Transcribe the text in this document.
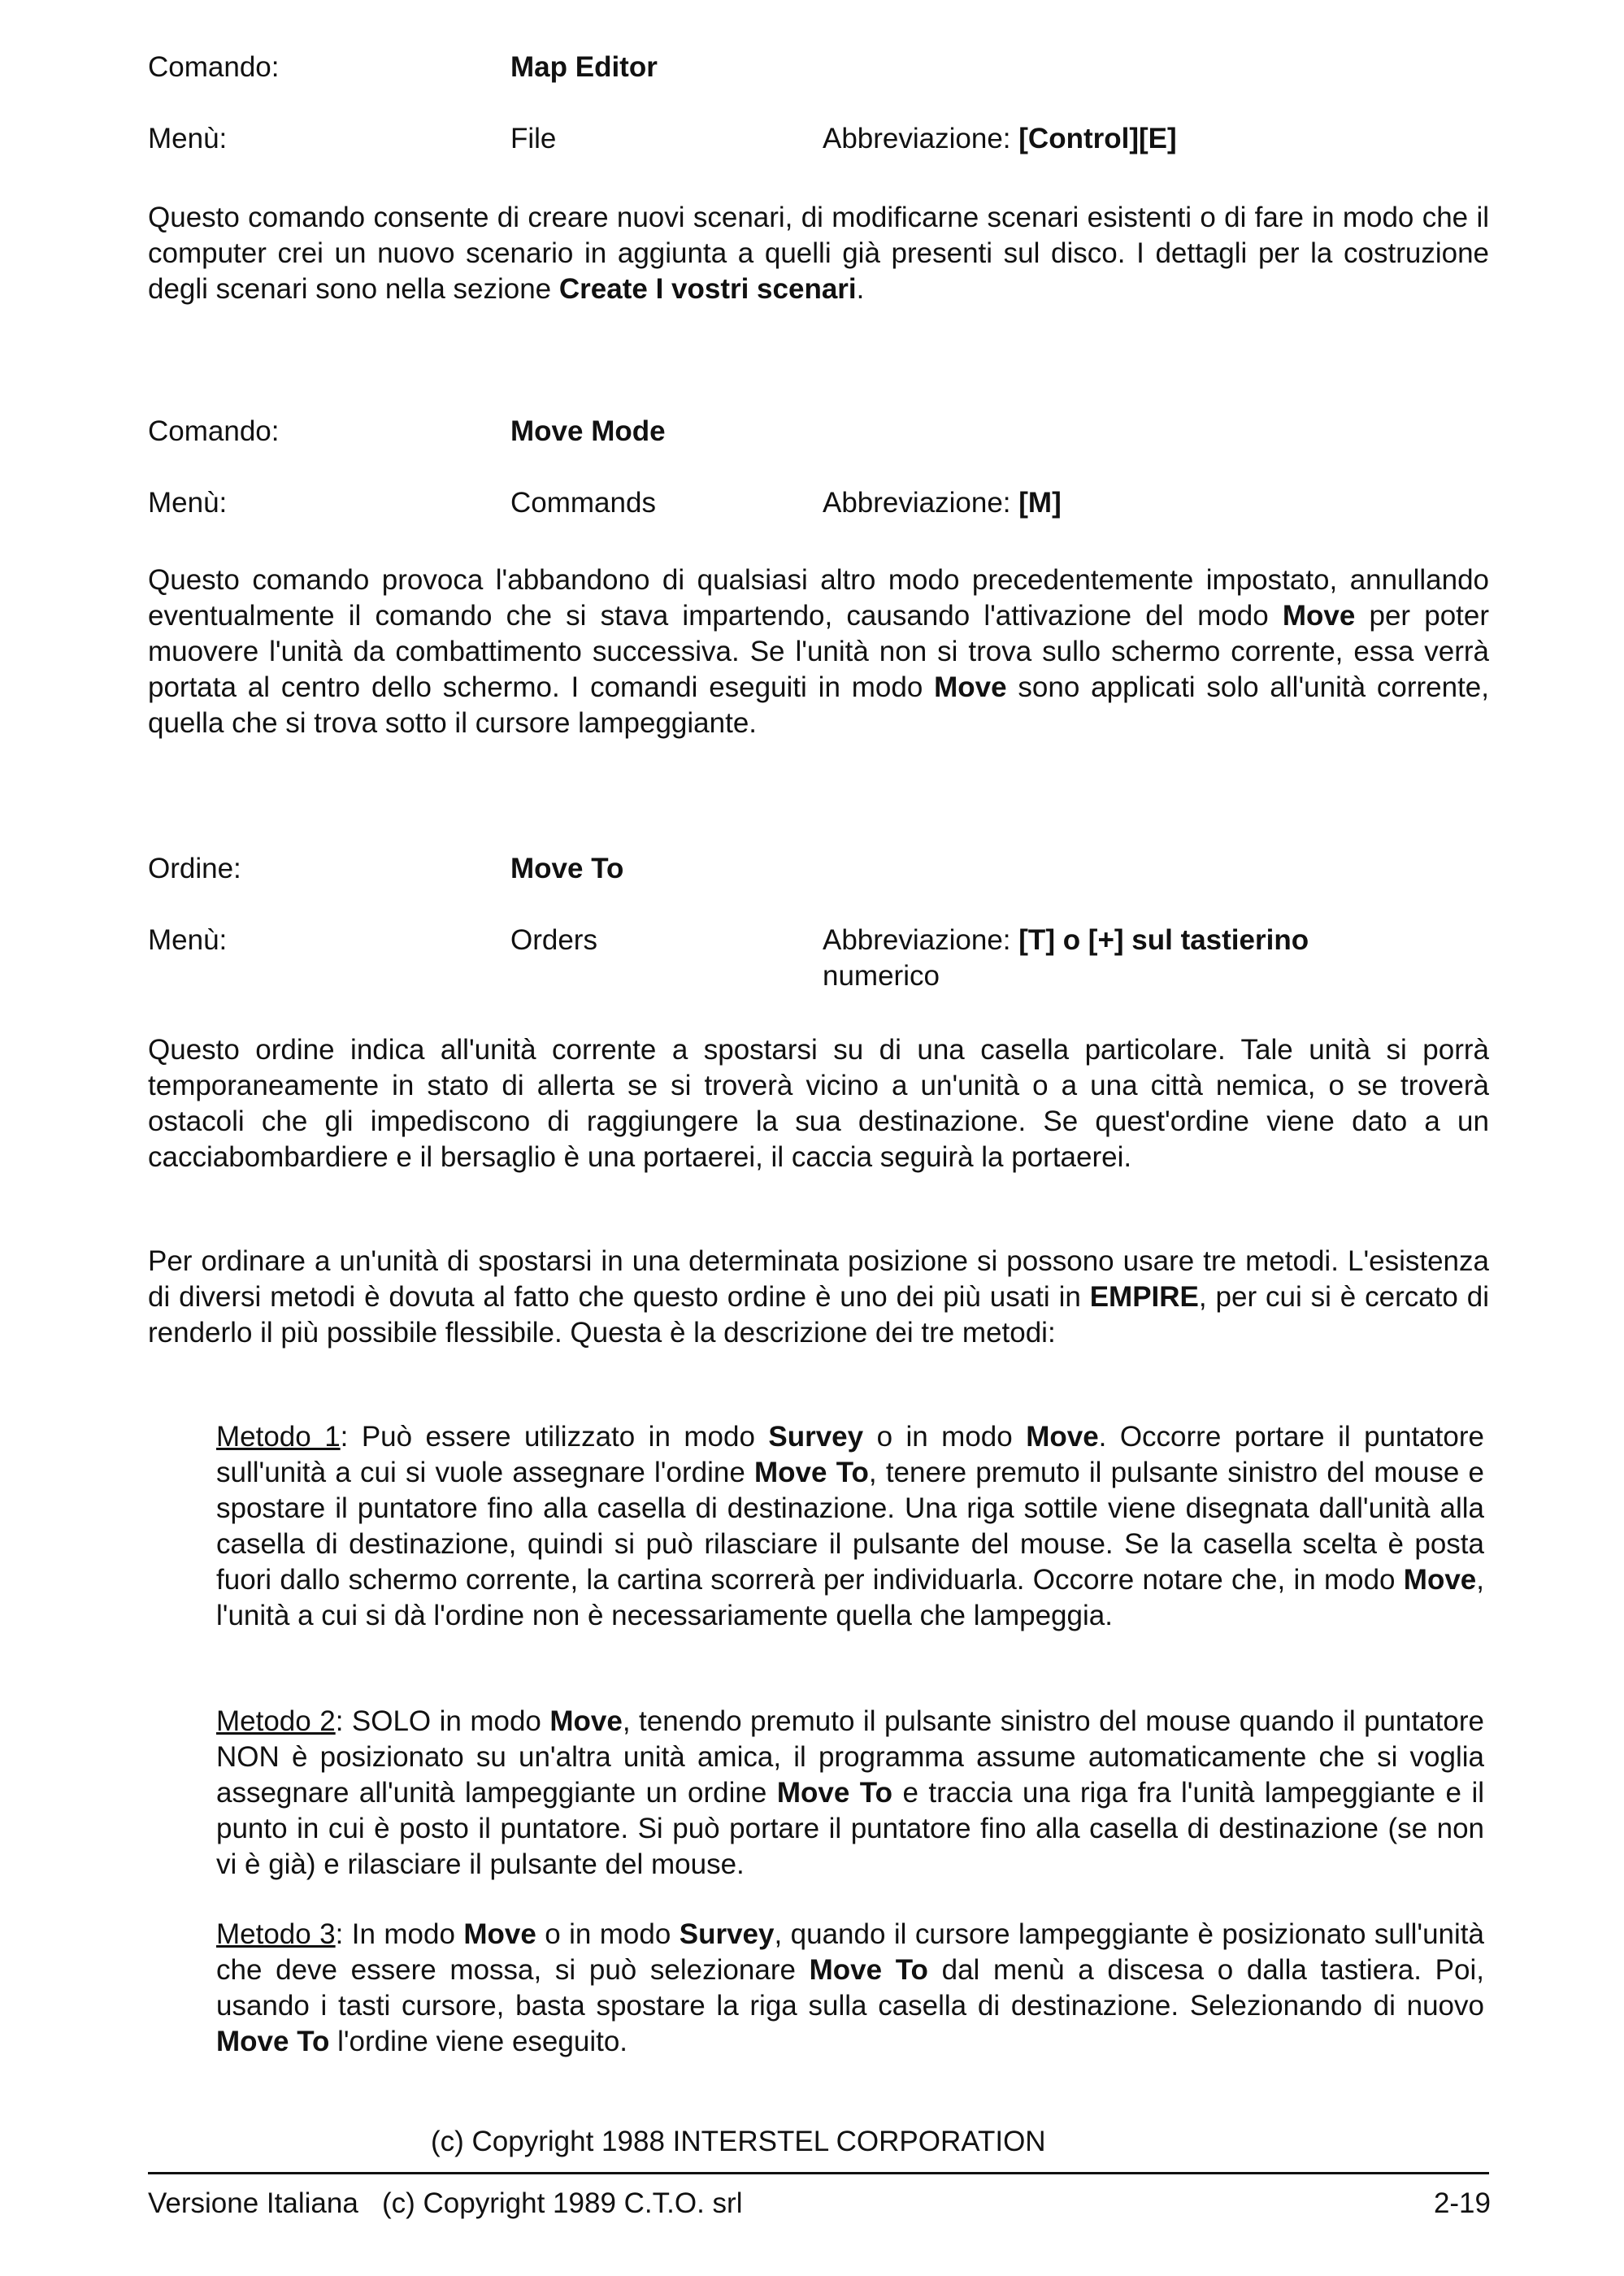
Comando:	Map Editor
Menù:	File	Abbreviazione: [Control][E]

Questo comando consente di creare nuovi scenari, di modificarne scenari esistenti o di fare in modo che il computer crei un nuovo scenario in aggiunta a quelli già presenti sul disco. I dettagli per la costruzione degli scenari sono nella sezione Create I vostri scenari.

Comando:	Move Mode
Menù:	Commands	Abbreviazione: [M]

Questo comando provoca l'abbandono di qualsiasi altro modo precedentemente impostato, annullando eventualmente il comando che si stava impartendo, causando l'attivazione del modo Move per poter muovere l'unità da combattimento successiva. Se l'unità non si trova sullo schermo corrente, essa verrà portata al centro dello schermo. I comandi eseguiti in modo Move sono applicati solo all'unità corrente, quella che si trova sotto il cursore lampeggiante.

Ordine:	Move To
Menù:	Orders	Abbreviazione: [T] o [+] sul tastierino
numerico

Questo ordine indica all'unità corrente a spostarsi su di una casella particolare. Tale unità si porrà temporaneamente in stato di allerta se si troverà vicino a un'unità o a una città nemica, o se troverà ostacoli che gli impediscono di raggiungere la sua destinazione. Se quest'ordine viene dato a un cacciabombardiere e il bersaglio è una portaerei, il caccia seguirà la portaerei.

Per ordinare a un'unità di spostarsi in una determinata posizione si possono usare tre metodi. L'esistenza di diversi metodi è dovuta al fatto che questo ordine è uno dei più usati in EMPIRE, per cui si è cercato di renderlo il più possibile flessibile. Questa è la descrizione dei tre metodi:

Metodo 1: Può essere utilizzato in modo Survey o in modo Move. Occorre portare il puntatore sull'unità a cui si vuole assegnare l'ordine Move To, tenere premuto il pulsante sinistro del mouse e spostare il puntatore fino alla casella di destinazione. Una riga sottile viene disegnata dall'unità alla casella di destinazione, quindi si può rilasciare il pulsante del mouse. Se la casella scelta è posta fuori dallo schermo corrente, la cartina scorrerà per individuarla. Occorre notare che, in modo Move, l'unità a cui si dà l'ordine non è necessariamente quella che lampeggia.

Metodo 2: SOLO in modo Move, tenendo premuto il pulsante sinistro del mouse quando il puntatore NON è posizionato su un'altra unità amica, il programma assume automaticamente che si voglia assegnare all'unità lampeggiante un ordine Move To e traccia una riga fra l'unità lampeggiante e il punto in cui è posto il puntatore. Si può portare il puntatore fino alla casella di destinazione (se non vi è già) e rilasciare il pulsante del mouse.

Metodo 3: In modo Move o in modo Survey, quando il cursore lampeggiante è posizionato sull'unità che deve essere mossa, si può selezionare Move To dal menù a discesa o dalla tastiera. Poi, usando i tasti cursore, basta spostare la riga sulla casella di destinazione. Selezionando di nuovo Move To l'ordine viene eseguito.

(c) Copyright 1988 INTERSTEL CORPORATION
Versione Italiana (c) Copyright 1989 C.T.O. srl	2-19
